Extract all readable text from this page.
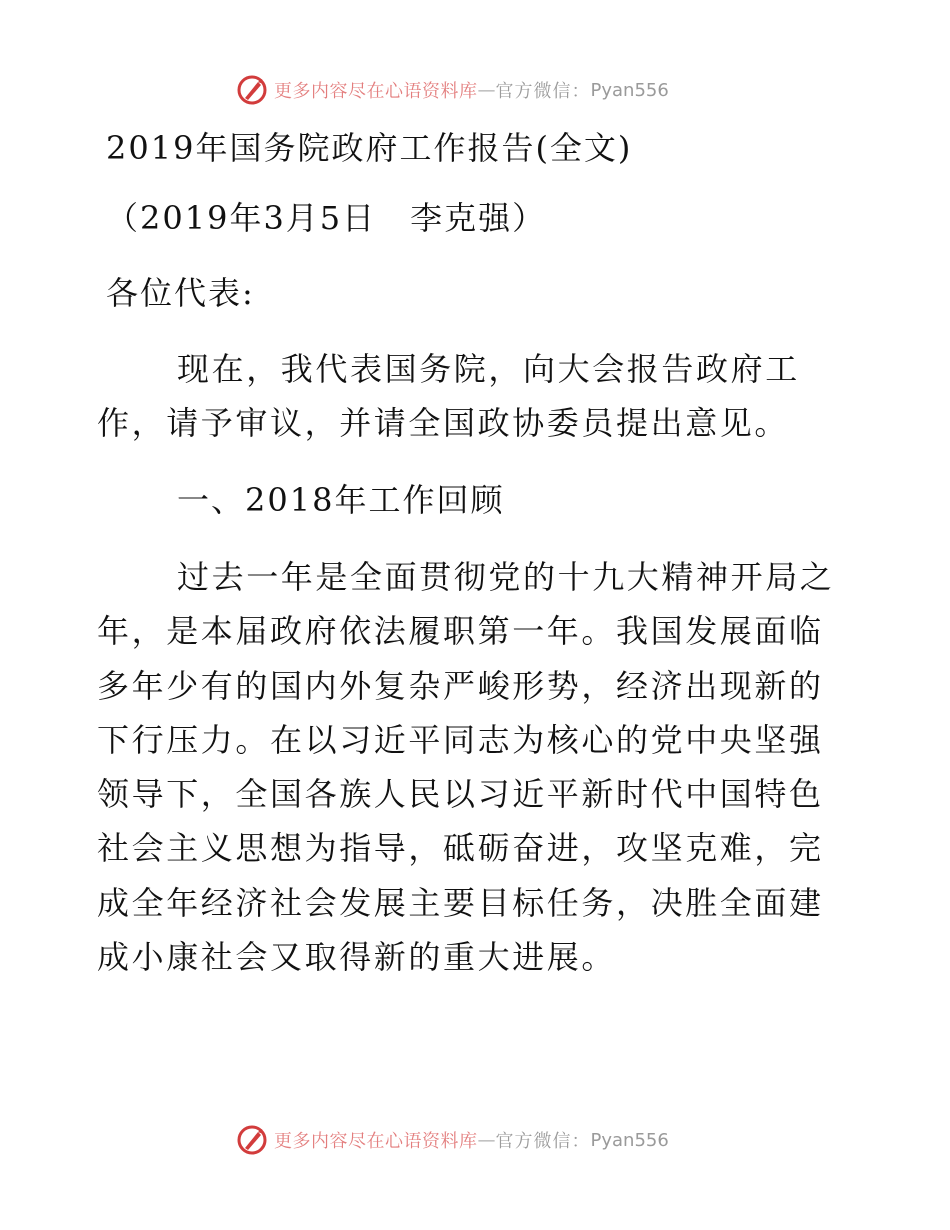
更多内容尽在心语资料库 — 官方微信： Pyan556
2019年国务院政府工作报告(全文)
（2019年3月5日　李克强）
各位代表:

现在，我代表国务院，向大会报告政府工作，请予审议，并请全国政协委员提出意见。

一、2018年工作回顾

过去一年是全面贯彻党的十九大精神开局之年，是本届政府依法履职第一年。我国发展面临多年少有的国内外复杂严峻形势，经济出现新的下行压力。在以习近平同志为核心的党中央坚强领导下，全国各族人民以习近平新时代中国特色社会主义思想为指导，砥砺奋进，攻坚克难，完成全年经济社会发展主要目标任务，决胜全面建成小康社会又取得新的重大进展。

更多内容尽在心语资料库 — 官方微信： Pyan556
